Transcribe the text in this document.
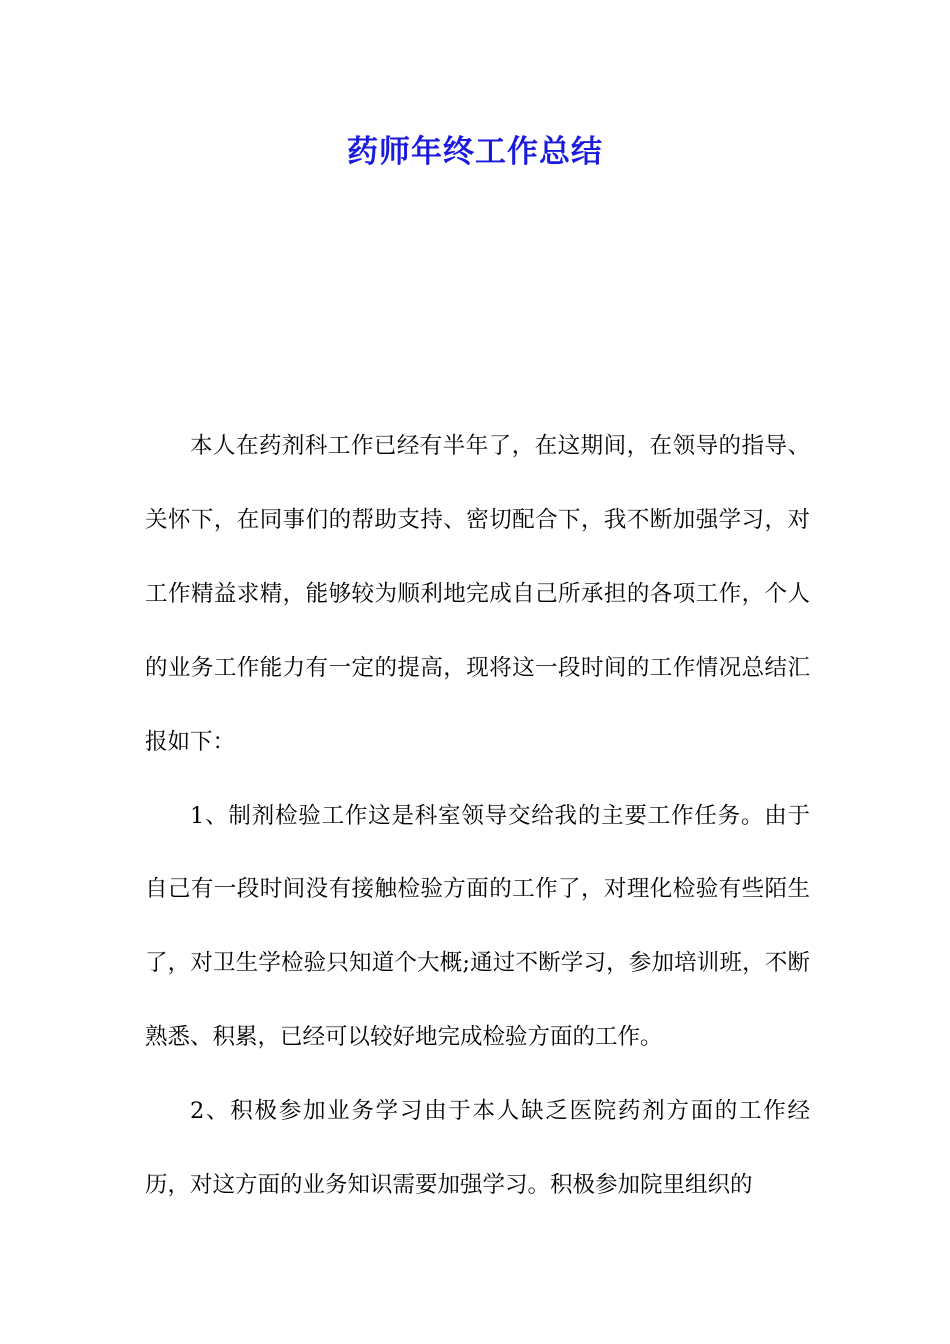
药师年终工作总结

本人在药剂科工作已经有半年了，在这期间，在领导的指导、关怀下，在同事们的帮助支持、密切配合下，我不断加强学习，对工作精益求精，能够较为顺利地完成自己所承担的各项工作，个人的业务工作能力有一定的提高，现将这一段时间的工作情况总结汇报如下：

1、制剂检验工作这是科室领导交给我的主要工作任务。由于自己有一段时间没有接触检验方面的工作了，对理化检验有些陌生了，对卫生学检验只知道个大概;通过不断学习，参加培训班，不断熟悉、积累，已经可以较好地完成检验方面的工作。

2、积极参加业务学习由于本人缺乏医院药剂方面的工作经历，对这方面的业务知识需要加强学习。积极参加院里组织的
